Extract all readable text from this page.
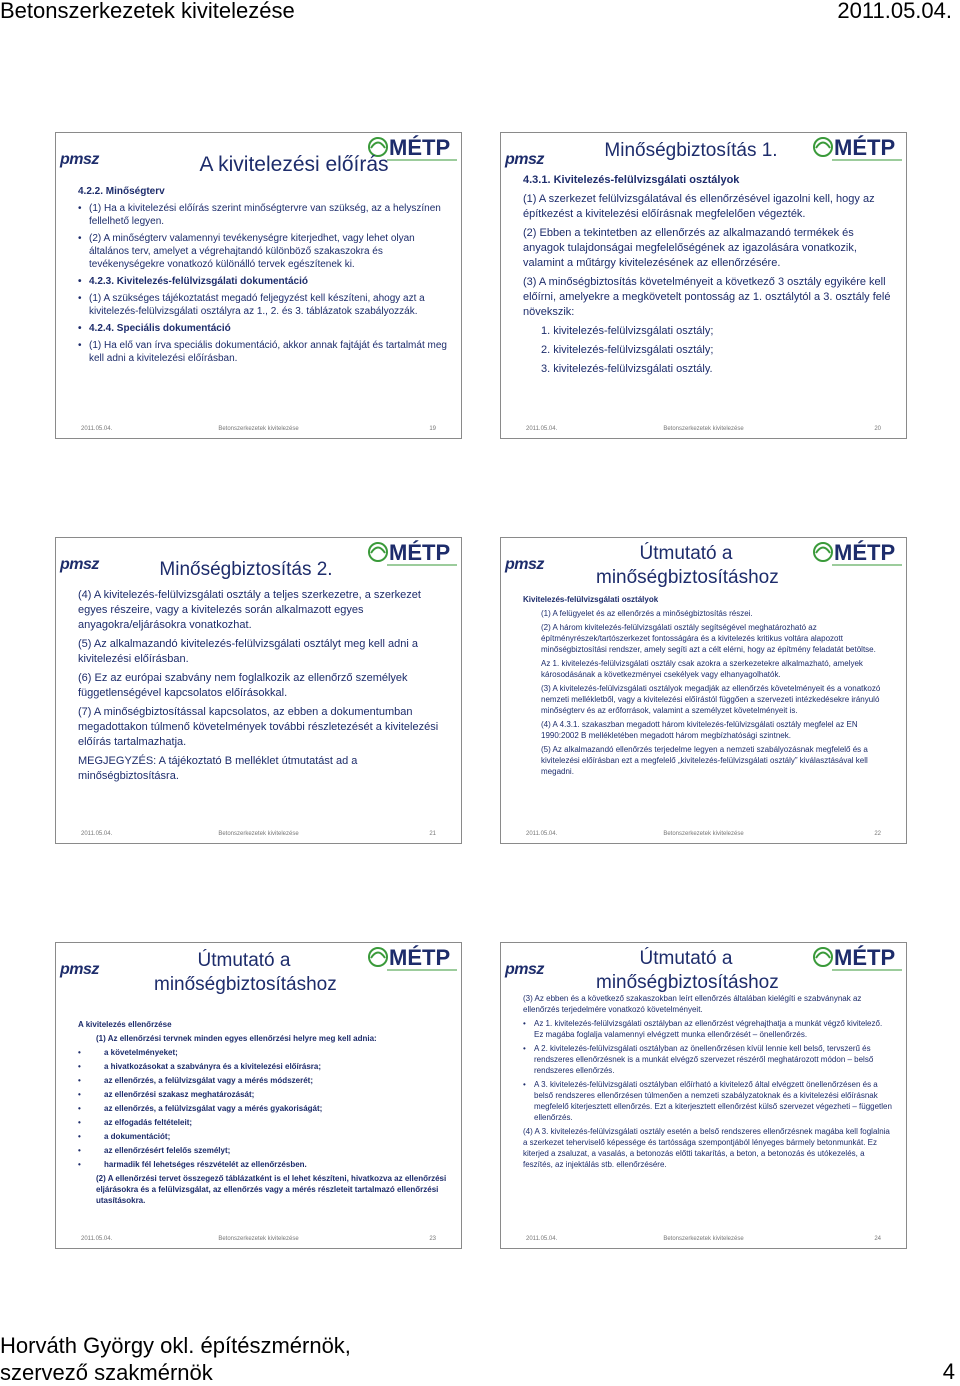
Betonszerkezetek kivitelezése	2011.05.04.
pmsz	MÉTP
A kivitelezési előírás

4.2.2. Minőségterv

• (1) Ha a kivitelezési előírás szerint minőségtervre van szükség, az a helyszínen fellelhető legyen.

• (2) A minőségterv valamennyi tevékenységre kiterjedhet, vagy lehet olyan általános terv, amelyet a végrehajtandó különböző szakaszokra és tevékenységekre vonatkozó különálló tervek egészítenek ki.

• 4.2.3. Kivitelezés-felülvizsgálati dokumentáció

• (1) A szükséges tájékoztatást megadó feljegyzést kell készíteni, ahogy azt a kivitelezés-felülvizsgálati osztályra az 1., 2. és 3. táblázatok szabályozzák.

• 4.2.4. Speciális dokumentáció

• (1) Ha elő van írva speciális dokumentáció, akkor annak fajtáját és tartalmát meg kell adni a kivitelezési előírásban.

2011.05.04.	Betonszerkezetek kivitelezése	19
pmsz	MÉTP
Minőségbiztosítás 1.

4.3.1. Kivitelezés-felülvizsgálati osztályok

(1) A szerkezet felülvizsgálatával és ellenőrzésével igazolni kell, hogy az építkezést a kivitelezési előírásnak megfelelően végezték.

(2) Ebben a tekintetben az ellenőrzés az alkalmazandó termékek és anyagok tulajdonságai megfelelőségének az igazolására vonatkozik, valamint a műtárgy kivitelezésének az ellenőrzésére.

(3) A minőségbiztosítás követelményeit a következő 3 osztály egyikére kell előírni, amelyekre a megkövetelt pontosság az 1. osztálytól a 3. osztály felé növekszik:

1. kivitelezés-felülvizsgálati osztály;

2. kivitelezés-felülvizsgálati osztály;

3. kivitelezés-felülvizsgálati osztály.

2011.05.04.	Betonszerkezetek kivitelezése	20
pmsz	MÉTP
Minőségbiztosítás 2.

(4) A kivitelezés-felülvizsgálati osztály a teljes szerkezetre, a szerkezet egyes részeire, vagy a kivitelezés során alkalmazott egyes anyagokra/eljárásokra vonatkozhat.

(5) Az alkalmazandó kivitelezés-felülvizsgálati osztályt meg kell adni a kivitelezési előírásban.

(6) Ez az európai szabvány nem foglalkozik az ellenőrző személyek függetlenségével kapcsolatos előírásokkal.

(7) A minőségbiztosítással kapcsolatos, az ebben a dokumentumban megadottakon túlmenő követelmények további részletezését a kivitelezési előírás tartalmazhatja.

MEGJEGYZÉS: A tájékoztató B melléklet útmutatást ad a minőségbiztosításra.

2011.05.04.	Betonszerkezetek kivitelezése	21
pmsz	MÉTP
Útmutató a minőségbiztosításhoz

Kivitelezés-felülvizsgálati osztályok

(1) A felügyelet és az ellenőrzés a minőségbiztosítás részei.

(2) A három kivitelezés-felülvizsgálati osztály segítségével meghatározható az építményrészek/tartószerkezet fontosságára és a kivitelezés kritikus voltára alapozott minőségbiztosítási rendszer, amely segíti azt a célt elérni, hogy az építmény feladatát betöltse.

Az 1. kivitelezés-felülvizsgálati osztály csak azokra a szerkezetekre alkalmazható, amelyek károsodásának a következményei csekélyek vagy elhanyagolhatók.

(3) A kivitelezés-felülvizsgálati osztályok megadják az ellenőrzés követelményeit és a vonatkozó nemzeti mellékletből, vagy a kivitelezési előírástól függően a szervezeti intézkedésekre irányuló minőségterv és az erőforrások, valamint a személyzet követelményeit is.

(4) A 4.3.1. szakaszban megadott három kivitelezés-felülvizsgálati osztály megfelel az EN 1990:2002 B mellékletében megadott három megbízhatósági szintnek.

(5) Az alkalmazandó ellenőrzés terjedelme legyen a nemzeti szabályozásnak megfelelő és a kivitelezési előírásban ezt a megfelelő „kivitelezés-felülvizsgálati osztály” kiválasztásával kell megadni.

2011.05.04.	Betonszerkezetek kivitelezése	22
pmsz	MÉTP
Útmutató a minőségbiztosításhoz

A kivitelezés ellenőrzése

(1) Az ellenőrzési tervnek minden egyes ellenőrzési helyre meg kell adnia:

• a követelményeket;

• a hivatkozásokat a szabványra és a kivitelezési előírásra;

• az ellenőrzés, a felülvizsgálat vagy a mérés módszerét;

• az ellenőrzési szakasz meghatározását;

• az ellenőrzés, a felülvizsgálat vagy a mérés gyakoriságát;

• az elfogadás feltételeit;

• a dokumentációt;

• az ellenőrzésért felelős személyt;

• harmadik fél lehetséges részvételét az ellenőrzésben.

(2) A ellenőrzési tervet összegező táblázatként is el lehet készíteni, hivatkozva az ellenőrzési eljárásokra és a felülvizsgálat, az ellenőrzés vagy a mérés részleteit tartalmazó ellenőrzési utasításokra.

2011.05.04.	Betonszerkezetek kivitelezése	23
pmsz	MÉTP
Útmutató a minőségbiztosításhoz

(3) Az ebben és a következő szakaszokban leírt ellenőrzés általában kielégíti e szabványnak az ellenőrzés terjedelmére vonatkozó követelményeit.

• Az 1. kivitelezés-felülvizsgálati osztályban az ellenőrzést végrehajthatja a munkát végző kivitelező. Ez magába foglalja valamennyi elvégzett munka ellenőrzését – önellenőrzés.

• A 2. kivitelezés-felülvizsgálati osztályban az önellenőrzésen kívül lennie kell belső, tervszerű és rendszeres ellenőrzésnek is a munkát elvégző szervezet részéről meghatározott módon – belső rendszeres ellenőrzés.

• A 3. kivitelezés-felülvizsgálati osztályban előírható a kivitelező által elvégzett önellenőrzésen és a belső rendszeres ellenőrzésen túlmenően a nemzeti szabályzatoknak és a kivitelezési előírásnak megfelelő kiterjesztett ellenőrzés. Ezt a kiterjesztett ellenőrzést külső szervezet végezheti – független ellenőrzés.

(4) A 3. kivitelezés-felülvizsgálati osztály esetén a belső rendszeres ellenőrzésnek magába kell foglalnia a szerkezet teherviselő képessége és tartóssága szempontjából lényeges bármely betonmunkát. Ez kiterjed a zsaluzat, a vasalás, a betonozás előtti takarítás, a beton, a betonozás és utókezelés, a feszítés, az injektálás stb. ellenőrzésére.

2011.05.04.	Betonszerkezetek kivitelezése	24
Horváth György okl. építészmérnök,
szervező szakmérnök	4
